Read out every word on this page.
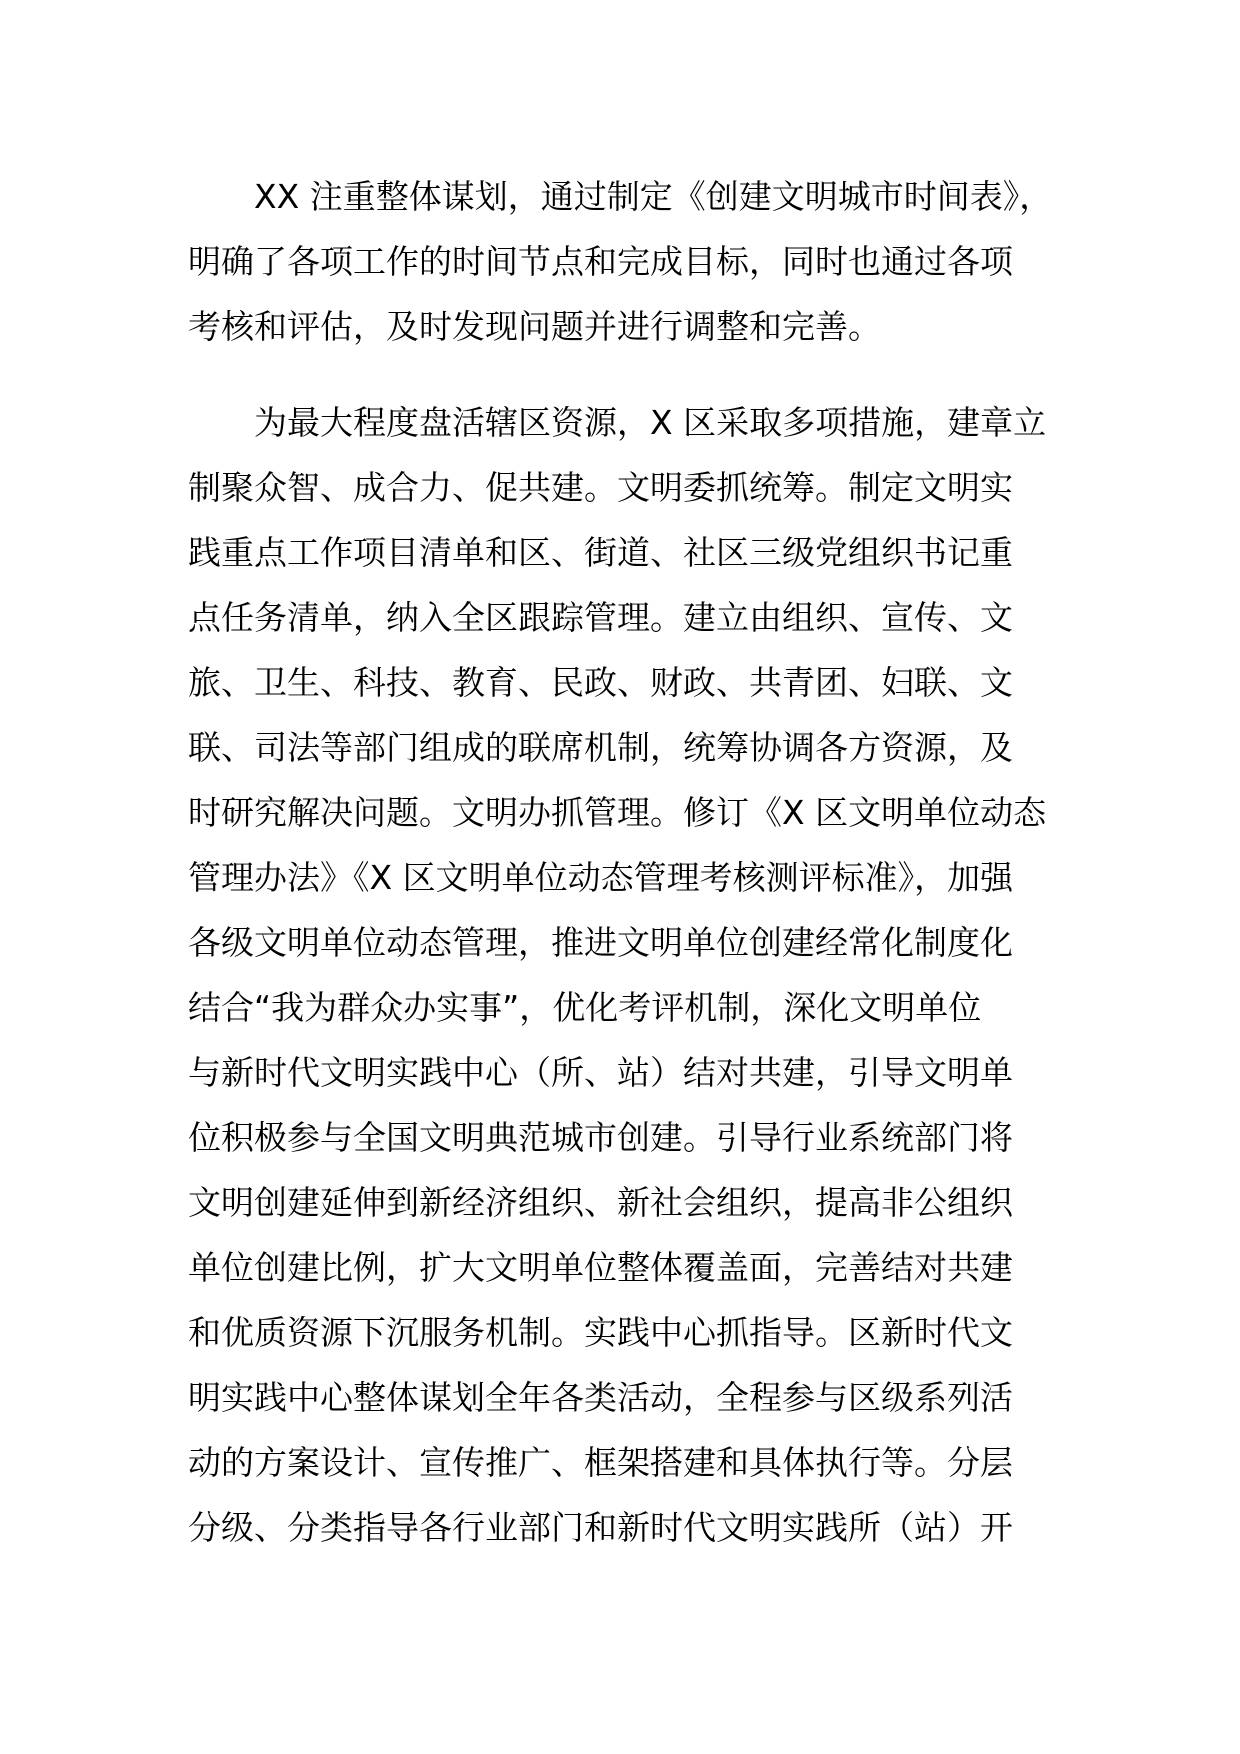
XX 注重整体谋划，通过制定《创建文明城市时间表》，
明确了各项工作的时间节点和完成目标，同时也通过各项
考核和评估，及时发现问题并进行调整和完善。
为最大程度盘活辖区资源，X 区采取多项措施，建章立
制聚众智、成合力、促共建。文明委抓统筹。制定文明实
践重点工作项目清单和区、街道、社区三级党组织书记重
点任务清单，纳入全区跟踪管理。建立由组织、宣传、文
旅、卫生、科技、教育、民政、财政、共青团、妇联、文
联、司法等部门组成的联席机制，统筹协调各方资源，及
时研究解决问题。文明办抓管理。修订《X 区文明单位动态
管理办法》《X 区文明单位动态管理考核测评标准》，加强
各级文明单位动态管理，推进文明单位创建经常化制度化
结合“我为群众办实事”，优化考评机制，深化文明单位
与新时代文明实践中心（所、站）结对共建，引导文明单
位积极参与全国文明典范城市创建。引导行业系统部门将
文明创建延伸到新经济组织、新社会组织，提高非公组织
单位创建比例，扩大文明单位整体覆盖面，完善结对共建
和优质资源下沉服务机制。实践中心抓指导。区新时代文
明实践中心整体谋划全年各类活动，全程参与区级系列活
动的方案设计、宣传推广、框架搭建和具体执行等。分层
分级、分类指导各行业部门和新时代文明实践所（站）开
